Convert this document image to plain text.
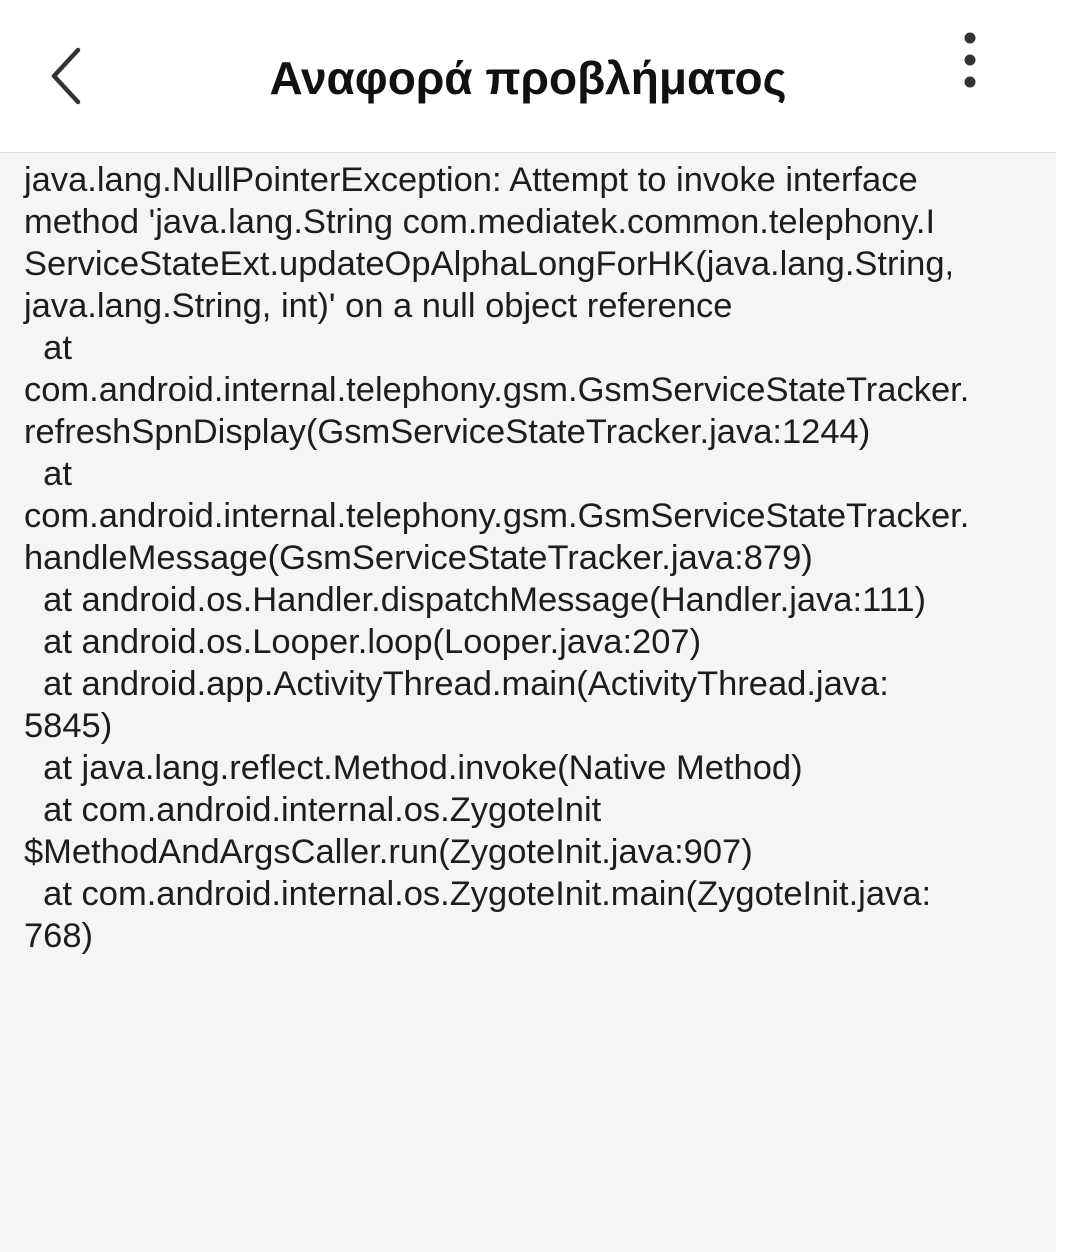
Αναφορά προβλήματος
java.lang.NullPointerException: Attempt to invoke interface
method 'java.lang.String com.mediatek.common.telephony.I
ServiceStateExt.updateOpAlphaLongForHK(java.lang.String,
java.lang.String, int)' on a null object reference
at
com.android.internal.telephony.gsm.GsmServiceStateTracker.
refreshSpnDisplay(GsmServiceStateTracker.java:1244)
at
com.android.internal.telephony.gsm.GsmServiceStateTracker.
handleMessage(GsmServiceStateTracker.java:879)
at android.os.Handler.dispatchMessage(Handler.java:111)
at android.os.Looper.loop(Looper.java:207)
at android.app.ActivityThread.main(ActivityThread.java:
5845)
at java.lang.reflect.Method.invoke(Native Method)
at com.android.internal.os.ZygoteInit
$MethodAndArgsCaller.run(ZygoteInit.java:907)
at com.android.internal.os.ZygoteInit.main(ZygoteInit.java:
768)
